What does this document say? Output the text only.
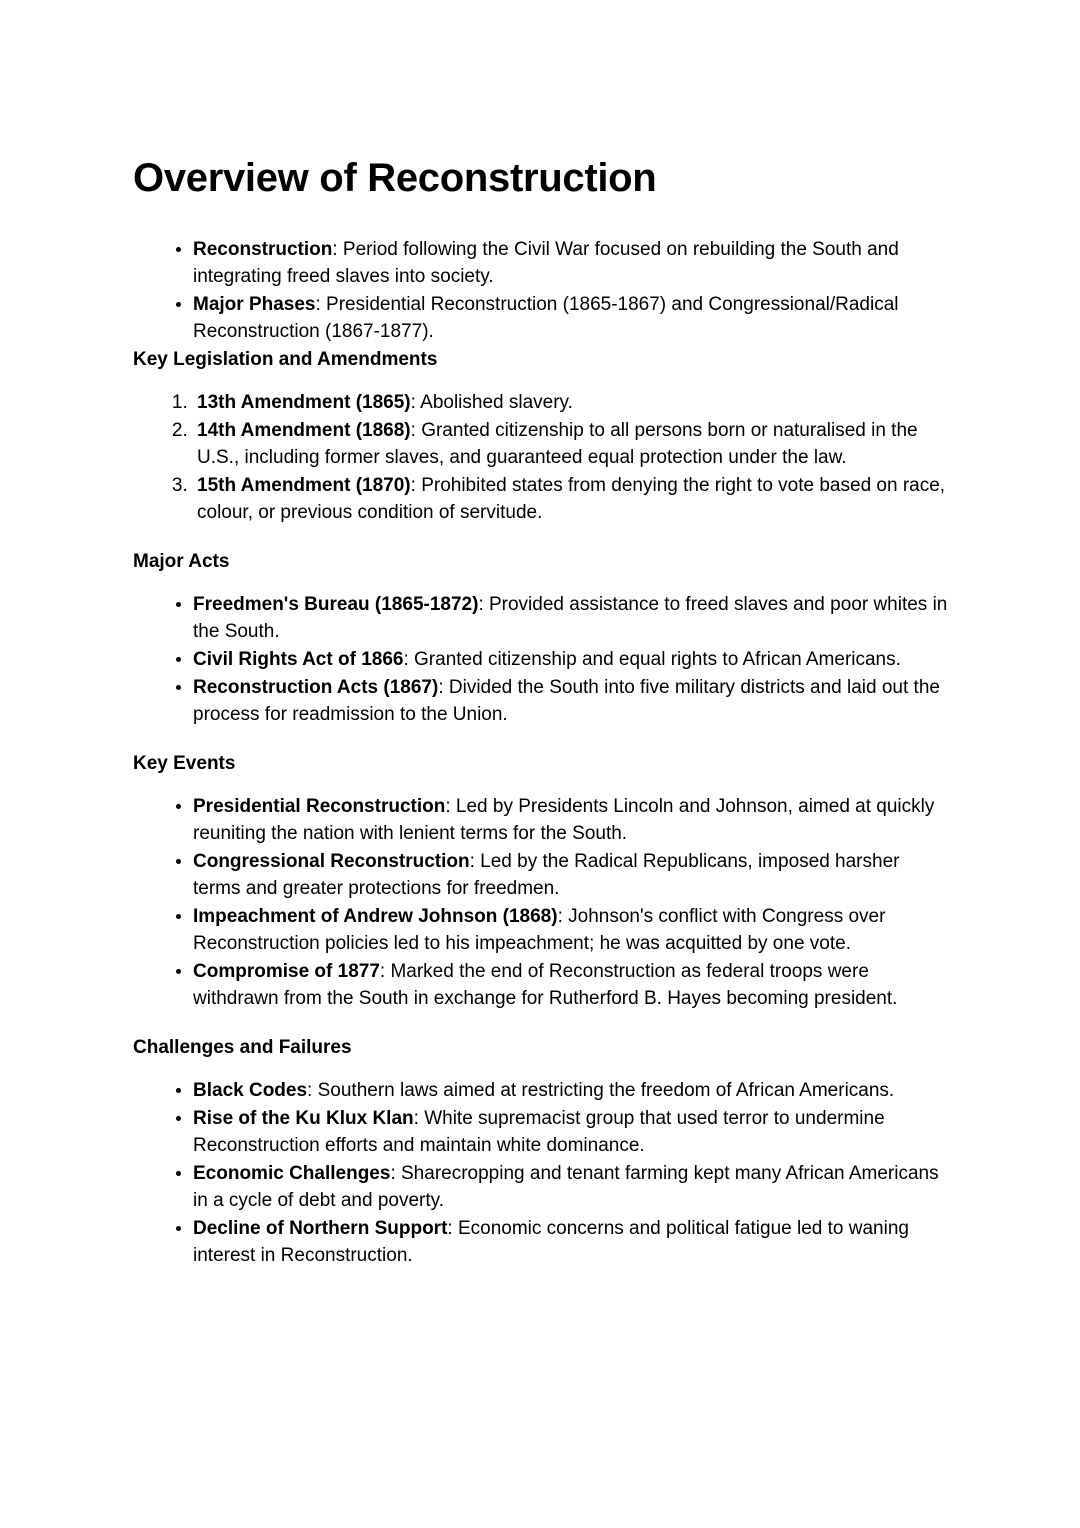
Overview of Reconstruction
• Reconstruction: Period following the Civil War focused on rebuilding the South and integrating freed slaves into society.
• Major Phases: Presidential Reconstruction (1865-1867) and Congressional/Radical Reconstruction (1867-1877).
Key Legislation and Amendments
1. 13th Amendment (1865): Abolished slavery.
2. 14th Amendment (1868): Granted citizenship to all persons born or naturalised in the U.S., including former slaves, and guaranteed equal protection under the law.
3. 15th Amendment (1870): Prohibited states from denying the right to vote based on race, colour, or previous condition of servitude.
Major Acts
• Freedmen's Bureau (1865-1872): Provided assistance to freed slaves and poor whites in the South.
• Civil Rights Act of 1866: Granted citizenship and equal rights to African Americans.
• Reconstruction Acts (1867): Divided the South into five military districts and laid out the process for readmission to the Union.
Key Events
• Presidential Reconstruction: Led by Presidents Lincoln and Johnson, aimed at quickly reuniting the nation with lenient terms for the South.
• Congressional Reconstruction: Led by the Radical Republicans, imposed harsher terms and greater protections for freedmen.
• Impeachment of Andrew Johnson (1868): Johnson's conflict with Congress over Reconstruction policies led to his impeachment; he was acquitted by one vote.
• Compromise of 1877: Marked the end of Reconstruction as federal troops were withdrawn from the South in exchange for Rutherford B. Hayes becoming president.
Challenges and Failures
• Black Codes: Southern laws aimed at restricting the freedom of African Americans.
• Rise of the Ku Klux Klan: White supremacist group that used terror to undermine Reconstruction efforts and maintain white dominance.
• Economic Challenges: Sharecropping and tenant farming kept many African Americans in a cycle of debt and poverty.
• Decline of Northern Support: Economic concerns and political fatigue led to waning interest in Reconstruction.
